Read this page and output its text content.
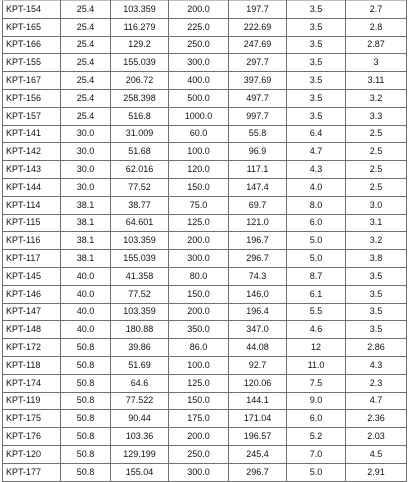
KPT-154	25.4	103.359	200.0	197.7	3.5	2.7	
KPT-165	25.4	116.279	225.0	222.69	3.5	2.8	
KPT-166	25.4	129.2	250.0	247.69	3.5	2.87	
KPT-155	25.4	155.039	300.0	297.7	3.5	3	
KPT-167	25.4	206.72	400.0	397.69	3.5	3.11	
KPT-156	25.4	258.398	500.0	497.7	3.5	3.2	
KPT-157	25.4	516.8	1000.0	997.7	3.5	3.3	
KPT-141	30.0	31.009	60.0	55.8	6.4	2.5	
KPT-142	30.0	51.68	100.0	96.9	4.7	2.5	
KPT-143	30.0	62.016	120.0	117.1	4.3	2.5	
KPT-144	30.0	77.52	150.0	147.4	4.0	2.5	
KPT-114	38.1	38.77	75.0	69.7	8.0	3.0	
KPT-115	38.1	64.601	125.0	121.0	6.0	3.1	
KPT-116	38.1	103.359	200.0	196.7	5.0	3.2	
KPT-117	38.1	155.039	300.0	296.7	5.0	3.8	
KPT-145	40.0	41.358	80.0	74.3	8.7	3.5	
KPT-146	40.0	77.52	150.0	146.0	6.1	3.5	
KPT-147	40.0	103.359	200.0	196.4	5.5	3.5	
KPT-148	40.0	180.88	350.0	347.0	4.6	3.5	
KPT-172	50.8	39.86	86.0	44.08	12	2.86	
KPT-118	50.8	51.69	100.0	92.7	11.0	4.3	
KPT-174	50.8	64.6	125.0	120.06	7.5	2.3	
KPT-119	50.8	77.522	150.0	144.1	9.0	4.7	
KPT-175	50.8	90.44	175.0	171.04	6.0	2.36	
KPT-176	50.8	103.36	200.0	196.57	5.2	2.03	
KPT-120	50.8	129.199	250.0	245.4	7.0	4.5	
KPT-177	50.8	155.04	300.0	296.7	5.0	2.91	
